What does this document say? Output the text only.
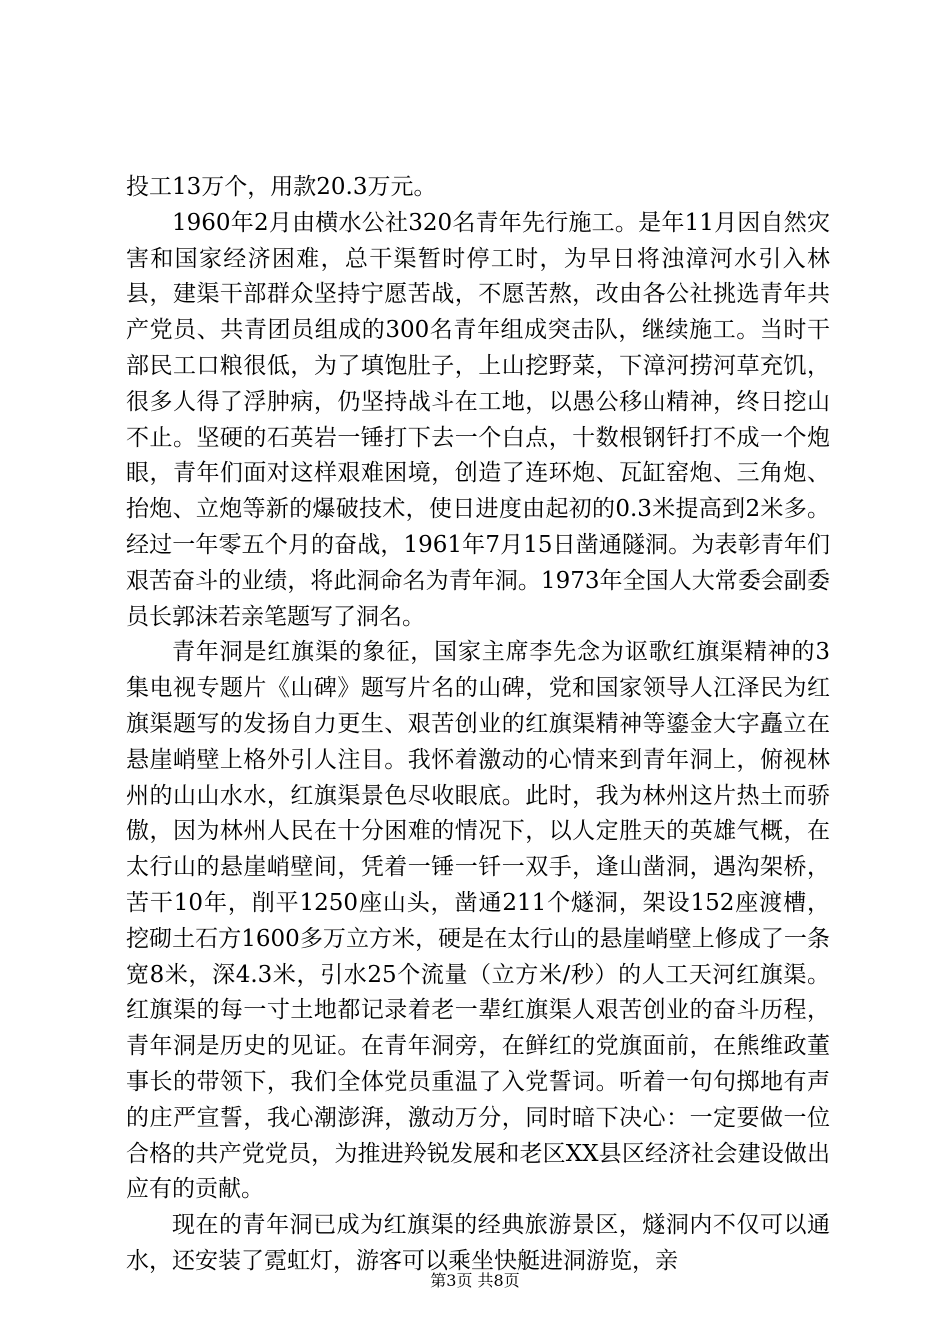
投工13万个，用款20.3万元。

1960年2月由横水公社320名青年先行施工。是年11月因自然灾害和国家经济困难，总干渠暂时停工时，为早日将浊漳河水引入林县，建渠干部群众坚持宁愿苦战，不愿苦熬，改由各公社挑选青年共产党员、共青团员组成的300名青年组成突击队，继续施工。当时干部民工口粮很低，为了填饱肚子，上山挖野菜，下漳河捞河草充饥，很多人得了浮肿病，仍坚持战斗在工地，以愚公移山精神，终日挖山不止。坚硬的石英岩一锤打下去一个白点，十数根钢钎打不成一个炮眼，青年们面对这样艰难困境，创造了连环炮、瓦缸窑炮、三角炮、抬炮、立炮等新的爆破技术，使日进度由起初的0.3米提高到2米多。经过一年零五个月的奋战，1961年7月15日凿通隧洞。为表彰青年们艰苦奋斗的业绩，将此洞命名为青年洞。1973年全国人大常委会副委员长郭沫若亲笔题写了洞名。

青年洞是红旗渠的象征，国家主席李先念为讴歌红旗渠精神的3集电视专题片《山碑》题写片名的山碑，党和国家领导人江泽民为红旗渠题写的发扬自力更生、艰苦创业的红旗渠精神等鎏金大字矗立在悬崖峭壁上格外引人注目。我怀着激动的心情来到青年洞上，俯视林州的山山水水，红旗渠景色尽收眼底。此时，我为林州这片热土而骄傲，因为林州人民在十分困难的情况下，以人定胜天的英雄气概，在太行山的悬崖峭壁间，凭着一锤一钎一双手，逢山凿洞，遇沟架桥，苦干10年，削平1250座山头，凿通211个燧洞，架设152座渡槽，挖砌土石方1600多万立方米，硬是在太行山的悬崖峭壁上修成了一条宽8米，深4.3米，引水25个流量（立方米/秒）的人工天河红旗渠。红旗渠的每一寸土地都记录着老一辈红旗渠人艰苦创业的奋斗历程，青年洞是历史的见证。在青年洞旁，在鲜红的党旗面前，在熊维政董事长的带领下，我们全体党员重温了入党誓词。听着一句句掷地有声的庄严宣誓，我心潮澎湃，激动万分，同时暗下决心：一定要做一位合格的共产党党员，为推进羚锐发展和老区XX县区经济社会建设做出应有的贡献。

现在的青年洞已成为红旗渠的经典旅游景区，燧洞内不仅可以通水，还安装了霓虹灯，游客可以乘坐快艇进洞游览，亲

第3页 共8页
